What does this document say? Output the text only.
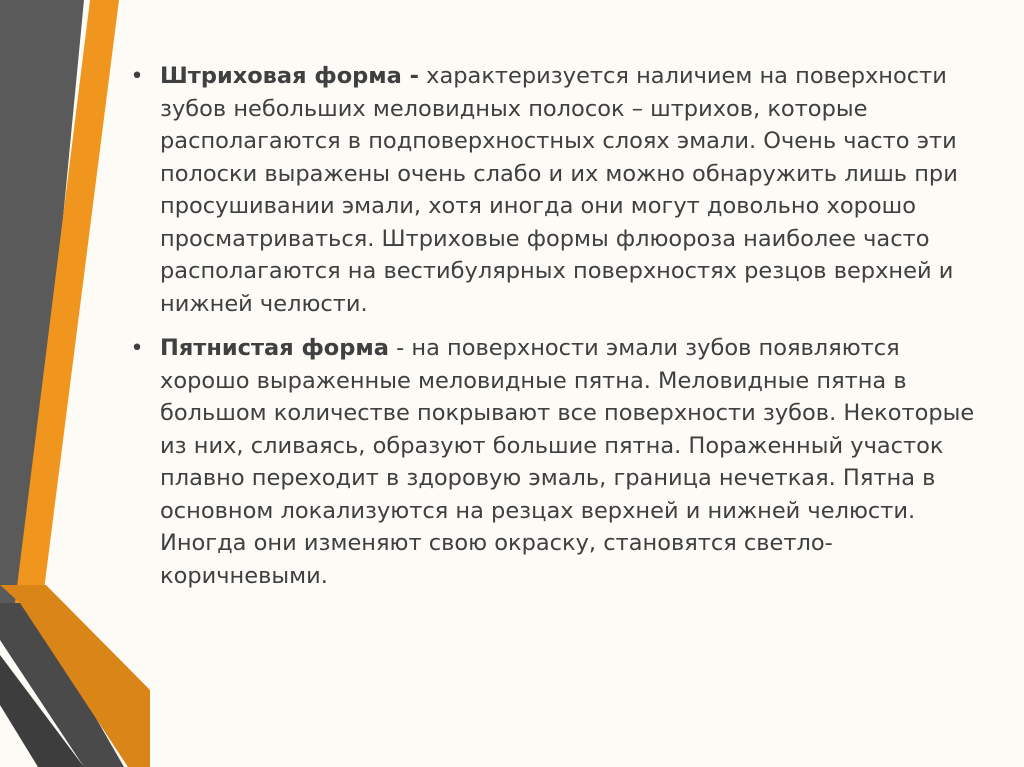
• Штриховая форма - характеризуется наличием на поверхности зубов небольших меловидных полосок – штрихов, которые располагаются в подповерхностных слоях эмали. Очень часто эти полоски выражены очень слабо и их можно обнаружить лишь при просушивании эмали, хотя иногда они могут довольно хорошо просматриваться. Штриховые формы флюороза наиболее часто располагаются на вестибулярных поверхностях резцов верхней и нижней челюсти.
• Пятнистая форма - на поверхности эмали зубов появляются хорошо выраженные меловидные пятна. Меловидные пятна в большом количестве покрывают все поверхности зубов. Некоторые из них, сливаясь, образуют большие пятна. Пораженный участок плавно переходит в здоровую эмаль, граница нечеткая. Пятна в основном локализуются на резцах верхней и нижней челюсти. Иногда они изменяют свою окраску, становятся светло-коричневыми.
